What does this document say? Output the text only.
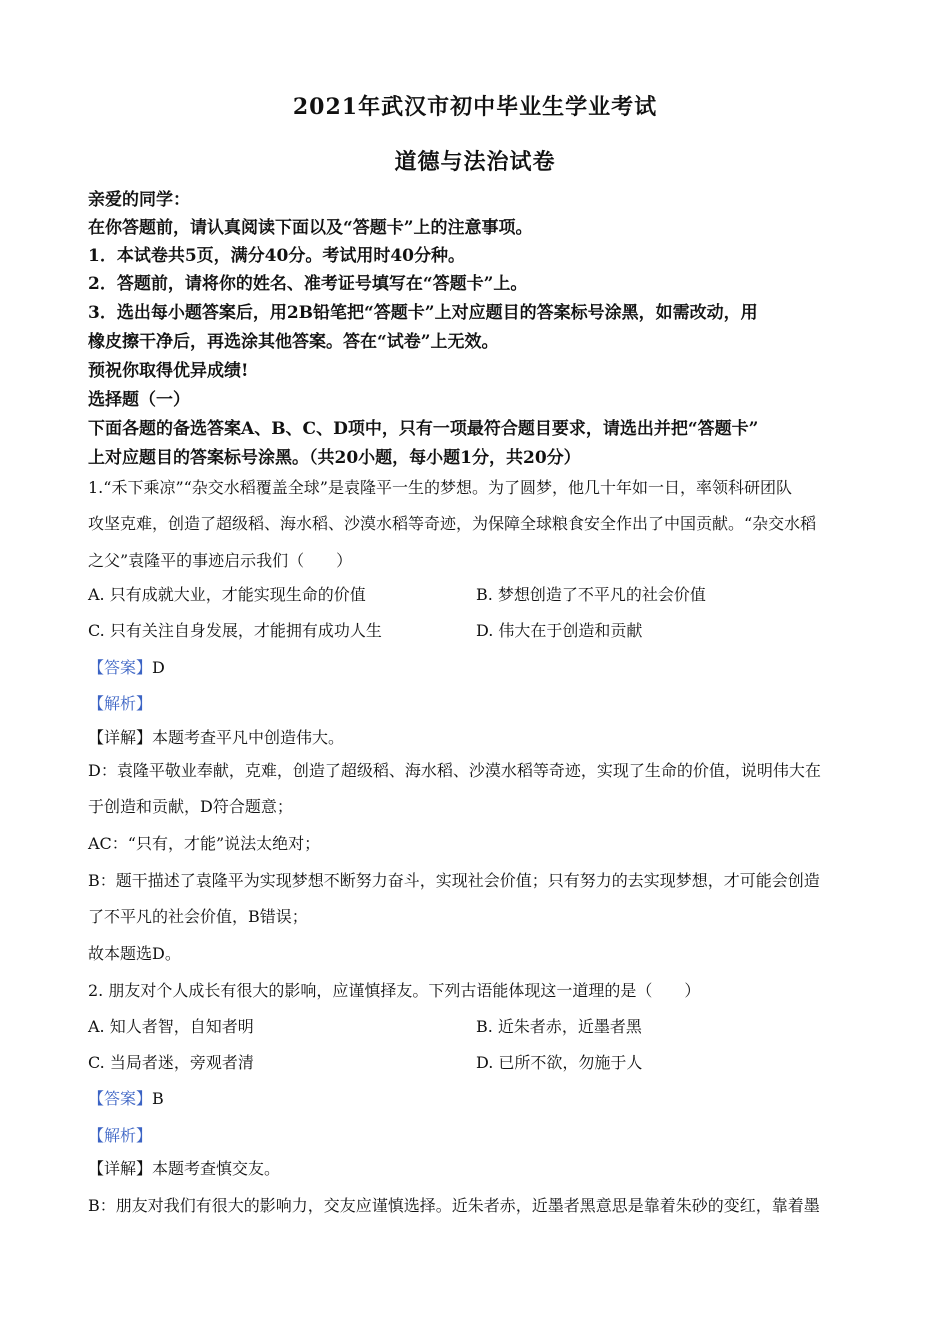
2021年武汉市初中毕业生学业考试
道德与法治试卷
亲爱的同学：
在你答题前，请认真阅读下面以及“答题卡”上的注意事项。
1．本试卷共5页，满分40分。考试用时40分种。
2．答题前，请将你的姓名、准考证号填写在“答题卡”上。
3．选出每小题答案后，用2B铅笔把“答题卡”上对应题目的答案标号涂黑，如需改动，用
橡皮擦干净后，再选涂其他答案。答在“试卷”上无效。
预祝你取得优异成绩!
选择题（一）
下面各题的备选答案A、B、C、D项中，只有一项最符合题目要求，请选出并把“答题卡”
上对应题目的答案标号涂黑。（共20小题，每小题1分，共20分）
1.“禾下乘凉”“杂交水稻覆盖全球”是袁隆平一生的梦想。为了圆梦，他几十年如一日，率领科研团队
攻坚克难，创造了超级稻、海水稻、沙漠水稻等奇迹，为保障全球粮食安全作出了中国贡献。“杂交水稻
之父”袁隆平的事迹启示我们（　　）
A. 只有成就大业，才能实现生命的价值	B. 梦想创造了不平凡的社会价值
C. 只有关注自身发展，才能拥有成功人生	D. 伟大在于创造和贡献
【答案】D
【解析】
【详解】本题考查平凡中创造伟大。
D：袁隆平敬业奉献，克难，创造了超级稻、海水稻、沙漠水稻等奇迹，实现了生命的价值，说明伟大在
于创造和贡献，D符合题意；
AC：“只有，才能”说法太绝对；
B：题干描述了袁隆平为实现梦想不断努力奋斗，实现社会价值；只有努力的去实现梦想，才可能会创造
了不平凡的社会价值，B错误；
故本题选D。
2. 朋友对个人成长有很大的影响，应谨慎择友。下列古语能体现这一道理的是（　　）
A. 知人者智，自知者明	B. 近朱者赤，近墨者黑
C. 当局者迷，旁观者清	D. 已所不欲，勿施于人
【答案】B
【解析】
【详解】本题考查慎交友。
B：朋友对我们有很大的影响力，交友应谨慎选择。近朱者赤，近墨者黑意思是靠着朱砂的变红，靠着墨
